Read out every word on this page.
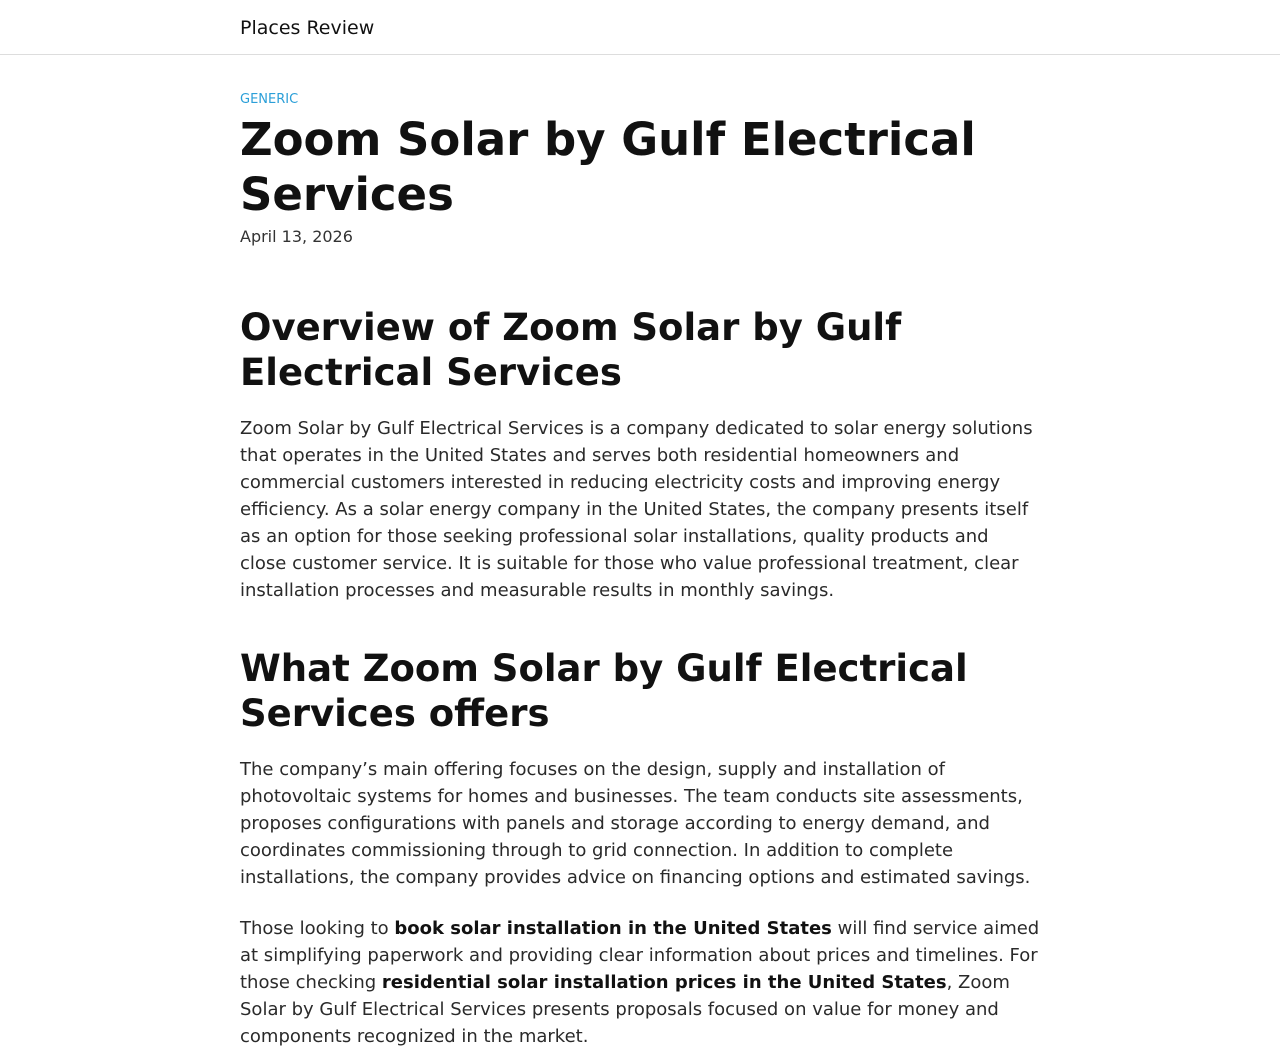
Places Review
GENERIC
Zoom Solar by Gulf Electrical Services
April 13, 2026
Overview of Zoom Solar by Gulf Electrical Services

Zoom Solar by Gulf Electrical Services is a company dedicated to solar energy solutions that operates in the United States and serves both residential homeowners and commercial customers interested in reducing electricity costs and improving energy efficiency. As a solar energy company in the United States, the company presents itself as an option for those seeking professional solar installations, quality products and close customer service. It is suitable for those who value professional treatment, clear installation processes and measurable results in monthly savings.

What Zoom Solar by Gulf Electrical Services offers

The company’s main offering focuses on the design, supply and installation of photovoltaic systems for homes and businesses. The team conducts site assessments, proposes configurations with panels and storage according to energy demand, and coordinates commissioning through to grid connection. In addition to complete installations, the company provides advice on financing options and estimated savings.

Those looking to book solar installation in the United States will find service aimed at simplifying paperwork and providing clear information about prices and timelines. For those checking residential solar installation prices in the United States, Zoom Solar by Gulf Electrical Services presents proposals focused on value for money and components recognized in the market.
